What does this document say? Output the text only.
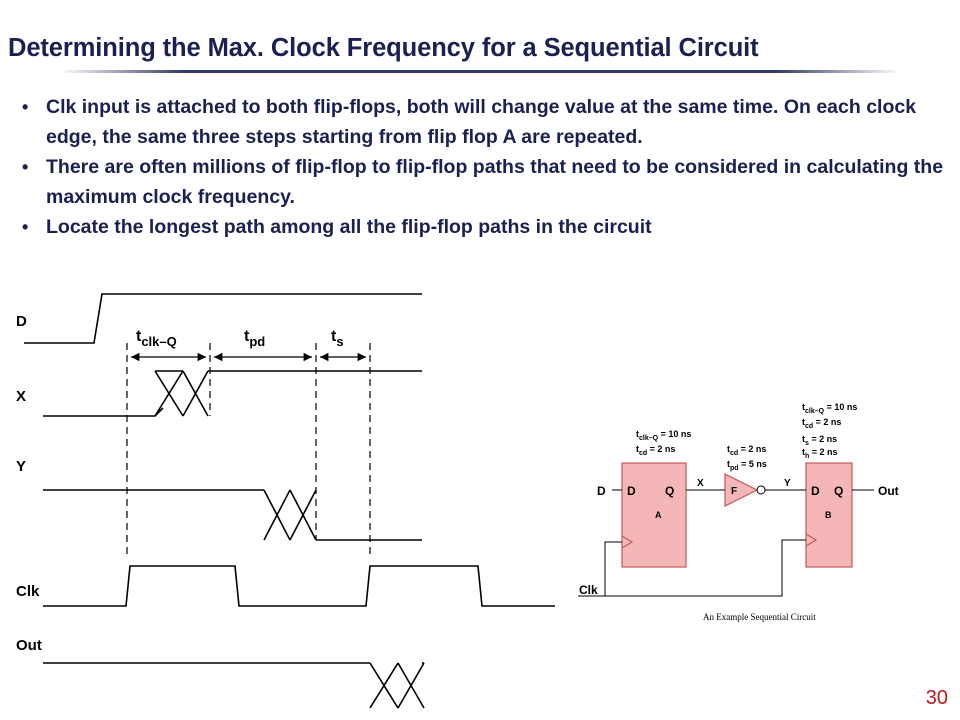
Determining the Max. Clock Frequency for a Sequential Circuit
• Clk input is attached to both flip-flops, both will change value at the same time. On each clock edge, the same three steps starting from flip flop A are repeated.
• There are often millions of flip-flop to flip-flop paths that need to be considered in calculating the maximum clock frequency.
• Locate the longest path among all the flip-flop paths in the circuit
D
X
Y
Clk
Out
$t_{clk-Q}$	$t_{pd}$	$t_s$
D Q
A
D Q
B
F
D
X	Y
Out
Clk
$t_{clk-Q} = 10$ ns
$t_{cd} = 2$ ns	$t_{cd} = 2$ ns
$t_{pd} = 5$ ns
$t_{clk-Q} = 10$ ns
$t_{cd} = 2$ ns
$t_s = 2$ ns
$t_h = 2$ ns
An Example Sequential Circuit
30
